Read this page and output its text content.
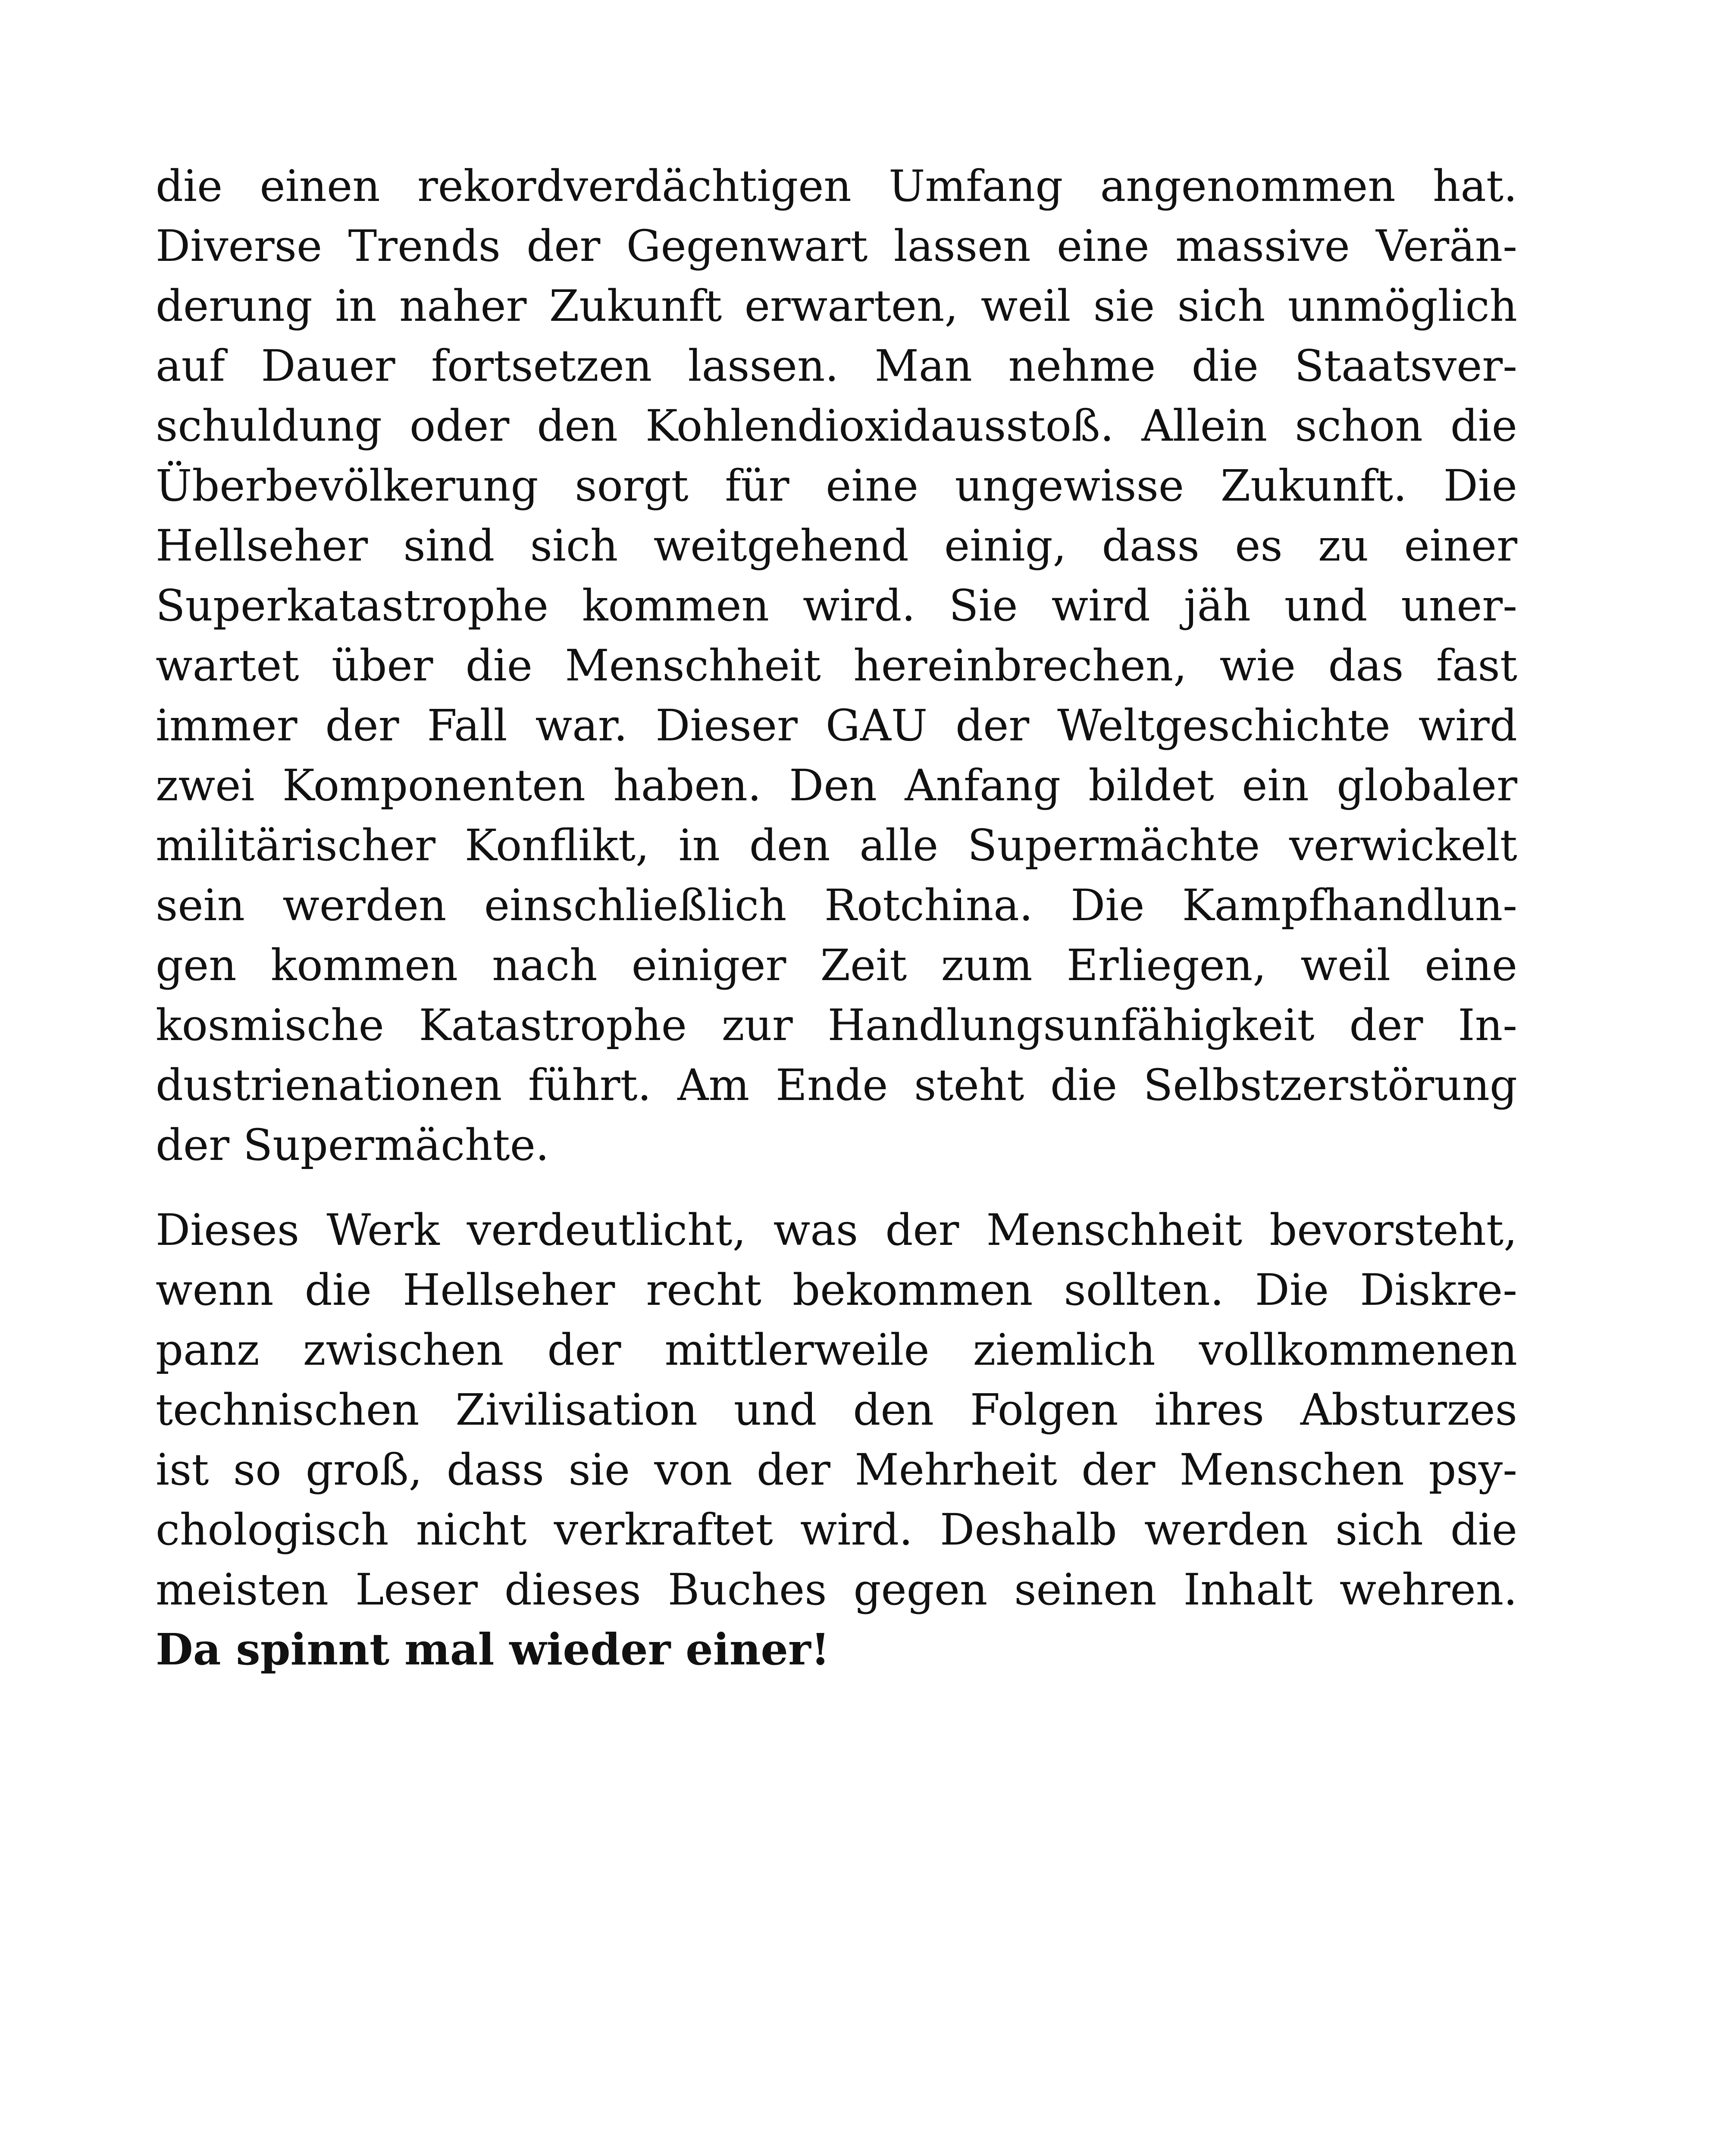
die einen rekordverdächtigen Umfang angenommen hat.
Diverse Trends der Gegenwart lassen eine massive Verän-
derung in naher Zukunft erwarten, weil sie sich unmöglich
auf Dauer fortsetzen lassen. Man nehme die Staatsver-
schuldung oder den Kohlendioxidausstoß. Allein schon die
Überbevölkerung sorgt für eine ungewisse Zukunft. Die
Hellseher sind sich weitgehend einig, dass es zu einer
Superkatastrophe kommen wird. Sie wird jäh und uner-
wartet über die Menschheit hereinbrechen, wie das fast
immer der Fall war. Dieser GAU der Weltgeschichte wird
zwei Komponenten haben. Den Anfang bildet ein globaler
militärischer Konflikt, in den alle Supermächte verwickelt
sein werden einschließlich Rotchina. Die Kampfhandlun-
gen kommen nach einiger Zeit zum Erliegen, weil eine
kosmische Katastrophe zur Handlungsunfähigkeit der In-
dustrienationen führt. Am Ende steht die Selbstzerstörung
der Supermächte.
Dieses Werk verdeutlicht, was der Menschheit bevorsteht,
wenn die Hellseher recht bekommen sollten. Die Diskre-
panz zwischen der mittlerweile ziemlich vollkommenen
technischen Zivilisation und den Folgen ihres Absturzes
ist so groß, dass sie von der Mehrheit der Menschen psy-
chologisch nicht verkraftet wird. Deshalb werden sich die
meisten Leser dieses Buches gegen seinen Inhalt wehren.
Da spinnt mal wieder einer!
